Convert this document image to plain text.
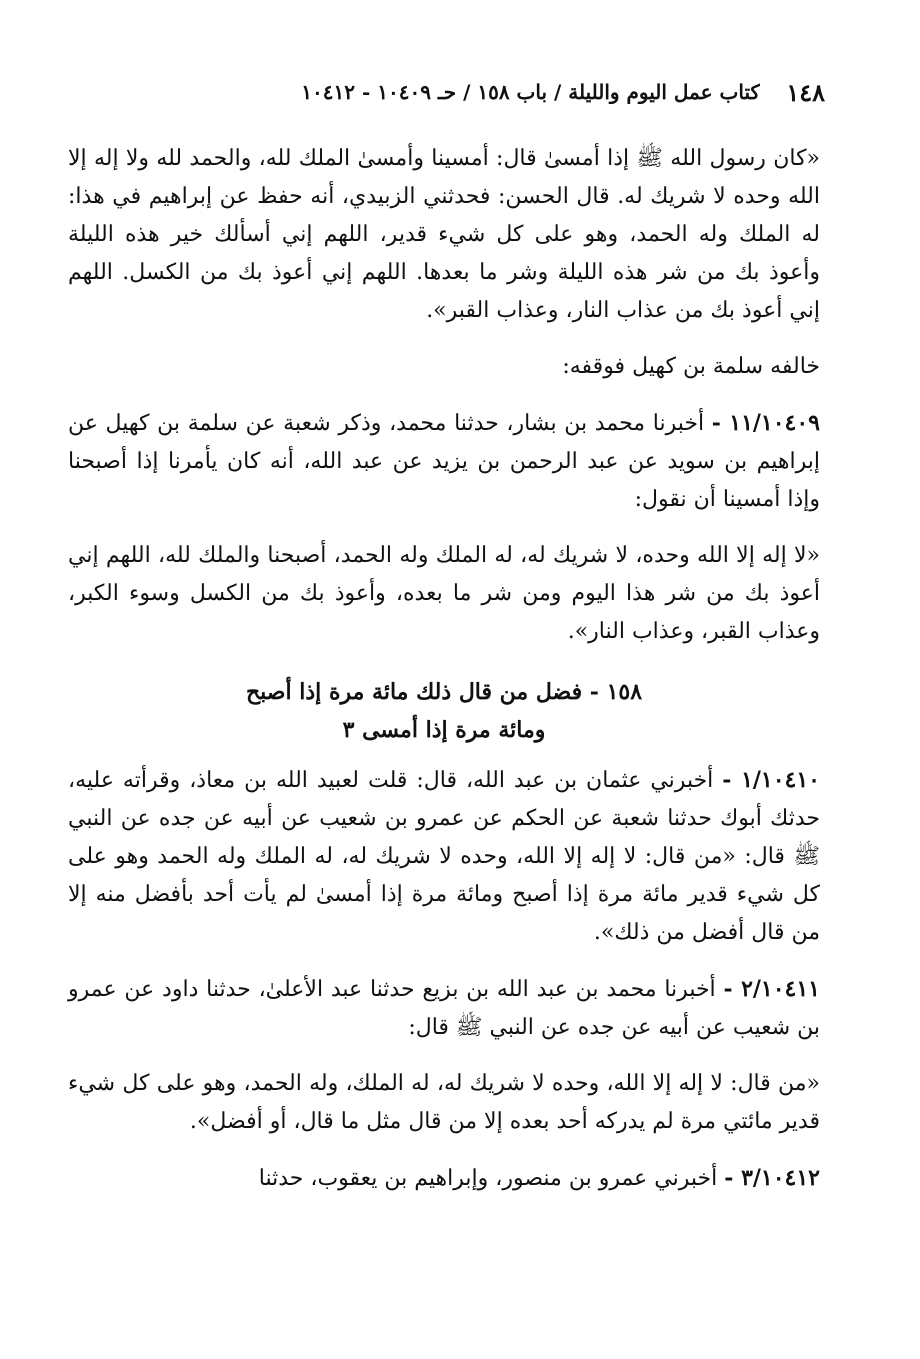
١٤٨
كتاب عمل اليوم والليلة / باب ١٥٨ / حـ ١٠٤٠٩ - ١٠٤١٢

«كان رسول الله ﷺ إذا أمسىٰ قال: أمسينا وأمسىٰ الملك لله، والحمد لله ولا إله إلا الله وحده لا شريك له. قال الحسن: فحدثني الزبيدي، أنه حفظ عن إبراهيم في هذا: له الملك وله الحمد، وهو على كل شيء قدير، اللهم إني أسألك خير هذه الليلة وأعوذ بك من شر هذه الليلة وشر ما بعدها. اللهم إني أعوذ بك من الكسل. اللهم إني أعوذ بك من عذاب النار، وعذاب القبر».

خالفه سلمة بن كهيل فوقفه:

١١/١٠٤٠٩ - أخبرنا محمد بن بشار، حدثنا محمد، وذكر شعبة عن سلمة بن كهيل عن إبراهيم بن سويد عن عبد الرحمن بن يزيد عن عبد الله، أنه كان يأمرنا إذا أصبحنا وإذا أمسينا أن نقول:

«لا إله إلا الله وحده، لا شريك له، له الملك وله الحمد، أصبحنا والملك لله، اللهم إني أعوذ بك من شر هذا اليوم ومن شر ما بعده، وأعوذ بك من الكسل وسوء الكبر، وعذاب القبر، وعذاب النار».

١٥٨ - فضل من قال ذلك مائة مرة إذا أصبح
ومائة مرة إذا أمسى ٣

١/١٠٤١٠ - أخبرني عثمان بن عبد الله، قال: قلت لعبيد الله بن معاذ، وقرأته عليه، حدثك أبوك حدثنا شعبة عن الحكم عن عمرو بن شعيب عن أبيه عن جده عن النبي ﷺ قال: «من قال: لا إله إلا الله، وحده لا شريك له، له الملك وله الحمد وهو على كل شيء قدير مائة مرة إذا أصبح ومائة مرة إذا أمسىٰ لم يأت أحد بأفضل منه إلا من قال أفضل من ذلك».

٢/١٠٤١١ - أخبرنا محمد بن عبد الله بن بزيع حدثنا عبد الأعلىٰ، حدثنا داود عن عمرو بن شعيب عن أبيه عن جده عن النبي ﷺ قال:

«من قال: لا إله إلا الله، وحده لا شريك له، له الملك، وله الحمد، وهو على كل شيء قدير مائتي مرة لم يدركه أحد بعده إلا من قال مثل ما قال، أو أفضل».

٣/١٠٤١٢ - أخبرني عمرو بن منصور، وإبراهيم بن يعقوب، حدثنا
